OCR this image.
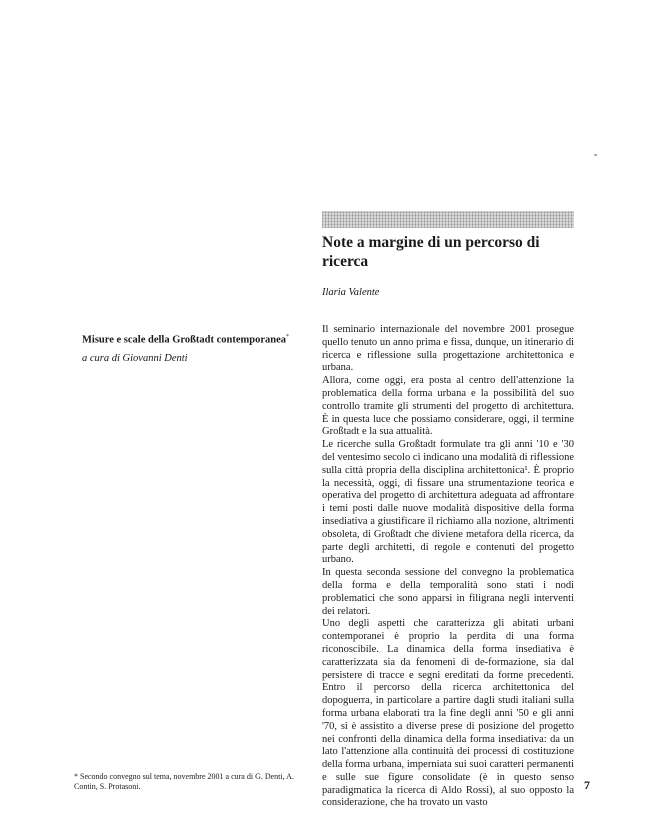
Note a margine di un percorso di ricerca

Ilaria Valente

Misure e scale della Großtadt contemporanea*

a cura di Giovanni Denti

Il seminario internazionale del novembre 2001 prosegue quello tenuto un anno prima e fissa, dunque, un itinerario di ricerca e riflessione sulla progettazione architettonica e urbana.

Allora, come oggi, era posta al centro dell'attenzione la problematica della forma urbana e la possibilità del suo controllo tramite gli strumenti del progetto di architettura. È in questa luce che possiamo considerare, oggi, il termine Großtadt e la sua attualità.

Le ricerche sulla Großtadt formulate tra gli anni '10 e '30 del ventesimo secolo ci indicano una modalità di riflessione sulla città propria della disciplina architettonica¹. È proprio la necessità, oggi, di fissare una strumentazione teorica e operativa del progetto di architettura adeguata ad affrontare i temi posti dalle nuove modalità dispositive della forma insediativa a giustificare il richiamo alla nozione, altrimenti obsoleta, di Großtadt che diviene metafora della ricerca, da parte degli architetti, di regole e contenuti del progetto urbano.

In questa seconda sessione del convegno la problematica della forma e della temporalità sono stati i nodi problematici che sono apparsi in filigrana negli interventi dei relatori.

Uno degli aspetti che caratterizza gli abitati urbani contemporanei è proprio la perdita di una forma riconoscibile. La dinamica della forma insediativa è caratterizzata sia da fenomeni di de-formazione, sia dal persistere di tracce e segni ereditati da forme precedenti. Entro il percorso della ricerca architettonica del dopoguerra, in particolare a partire dagli studi italiani sulla forma urbana elaborati tra la fine degli anni '50 e gli anni '70, si è assistito a diverse prese di posizione del progetto nei confronti della dinamica della forma insediativa: da un lato l'attenzione alla continuità dei processi di costituzione della forma urbana, imperniata sui suoi caratteri permanenti e sulle sue figure consolidate (è in questo senso paradigmatica la ricerca di Aldo Rossi), al suo opposto la considerazione, che ha trovato un vasto

* Secondo convegno sul tema, novembre 2001 a cura di G. Denti, A. Contin, S. Protasoni.	7
